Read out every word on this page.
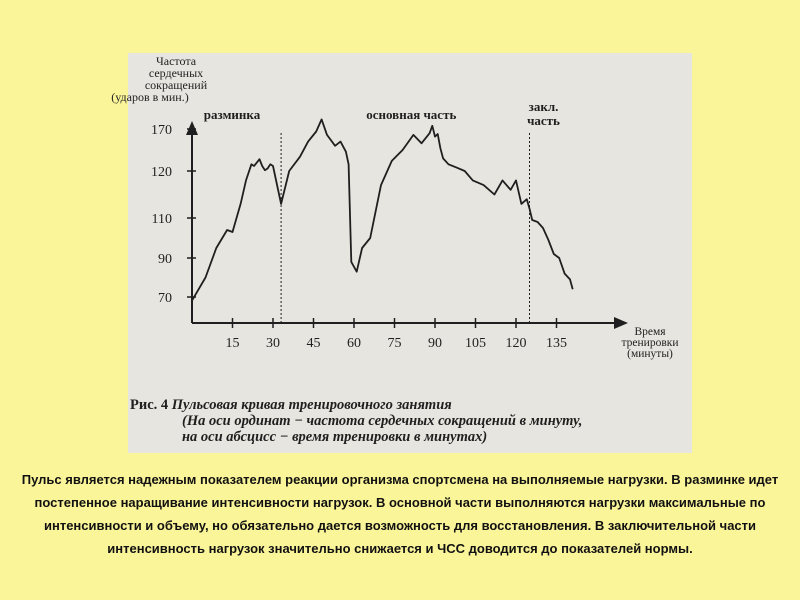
Частота
сердечных
сокращений
(ударов в мин.)
Время
тренировки
(минуты)
разминка	основная часть
закл.
часть
15 30 45 60 75 90 105 120 135
70
90
110
120
170
Рис. 4 Пульсовая кривая тренировочного занятия
(На оси ординат − частота сердечных сокращений в минуту,
на оси абсцисс − время тренировки в минутах)
Пульс является надежным показателем реакции организма спортсмена на выполняемые нагрузки. В разминке идет постепенное наращивание интенсивности нагрузок. В основной части выполняются нагрузки максимальные по интенсивности и объему, но обязательно дается возможность для восстановления. В заключительной части интенсивность нагрузок значительно снижается и ЧСС доводится до показателей нормы.
